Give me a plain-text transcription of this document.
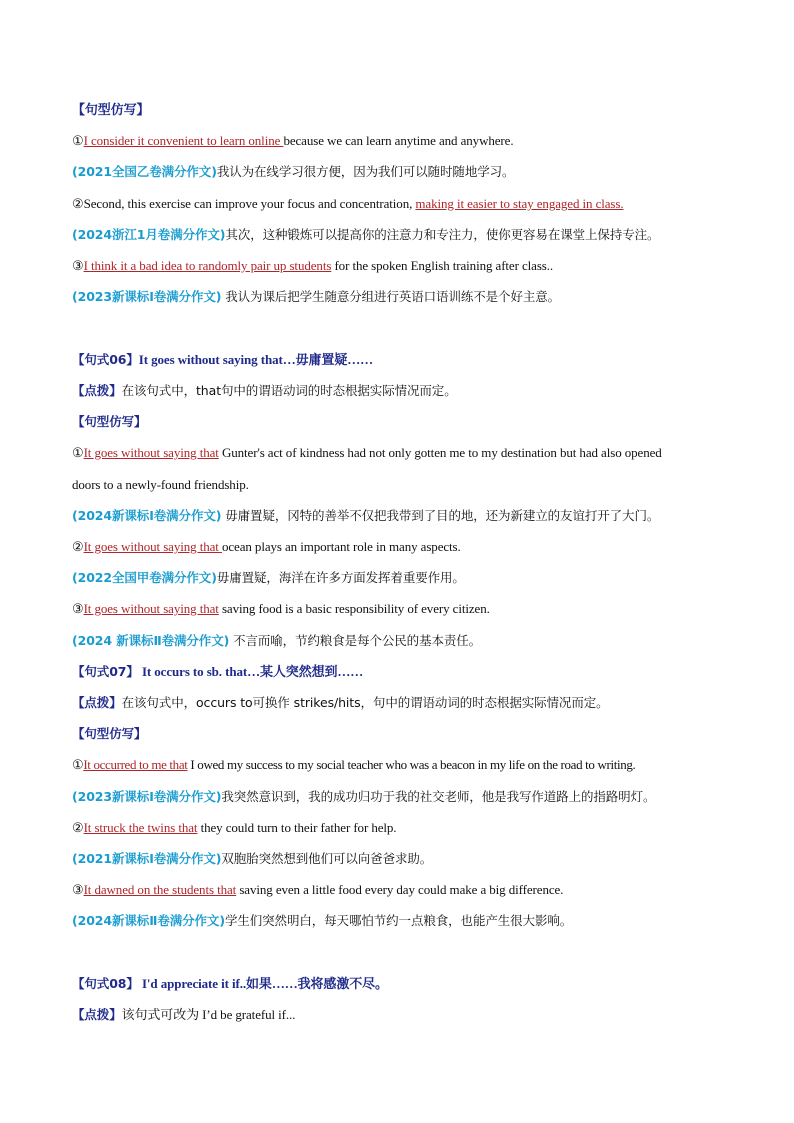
【句型仿写】
①I consider it convenient to learn online because we can learn anytime and anywhere.
(2021全国乙卷满分作文)我认为在线学习很方便，因为我们可以随时随地学习。
②Second, this exercise can improve your focus and concentration, making it easier to stay engaged in class.
(2024浙江1月卷满分作文)其次，这种锻炼可以提高你的注意力和专注力，使你更容易在课堂上保持专注。
③I think it a bad idea to randomly pair up students for the spoken English training after class..
(2023新课标I卷满分作文) 我认为课后把学生随意分组进行英语口语训练不是个好主意。
【句式06】It goes without saying that…毋庸置疑……
【点拨】在该句式中，that句中的谓语动词的时态根据实际情况而定。
【句型仿写】
①It goes without saying that Gunter's act of kindness had not only gotten me to my destination but had also opened
doors to a newly-found friendship.
(2024新课标I卷满分作文) 毋庸置疑，冈特的善举不仅把我带到了目的地，还为新建立的友谊打开了大门。
②It goes without saying that ocean plays an important role in many aspects.
(2022全国甲卷满分作文)毋庸置疑，海洋在许多方面发挥着重要作用。
③It goes without saying that saving food is a basic responsibility of every citizen.
(2024 新课标Ⅱ卷满分作文) 不言而喻，节约粮食是每个公民的基本责任。
【句式07】 It occurs to sb. that…某人突然想到……
【点拨】在该句式中，occurs to可换作 strikes/hits，句中的谓语动词的时态根据实际情况而定。
【句型仿写】
①It occurred to me that I owed my success to my social teacher who was a beacon in my life on the road to writing.
(2023新课标I卷满分作文)我突然意识到，我的成功归功于我的社交老师，他是我写作道路上的指路明灯。
②It struck the twins that they could turn to their father for help.
(2021新课标I卷满分作文)双胞胎突然想到他们可以向爸爸求助。
③It dawned on the students that saving even a little food every day could make a big difference.
(2024新课标Ⅱ卷满分作文)学生们突然明白，每天哪怕节约一点粮食，也能产生很大影响。
【句式08】 I'd appreciate it if..如果……我将感激不尽。
【点拨】该句式可改为 I’d be grateful if...
